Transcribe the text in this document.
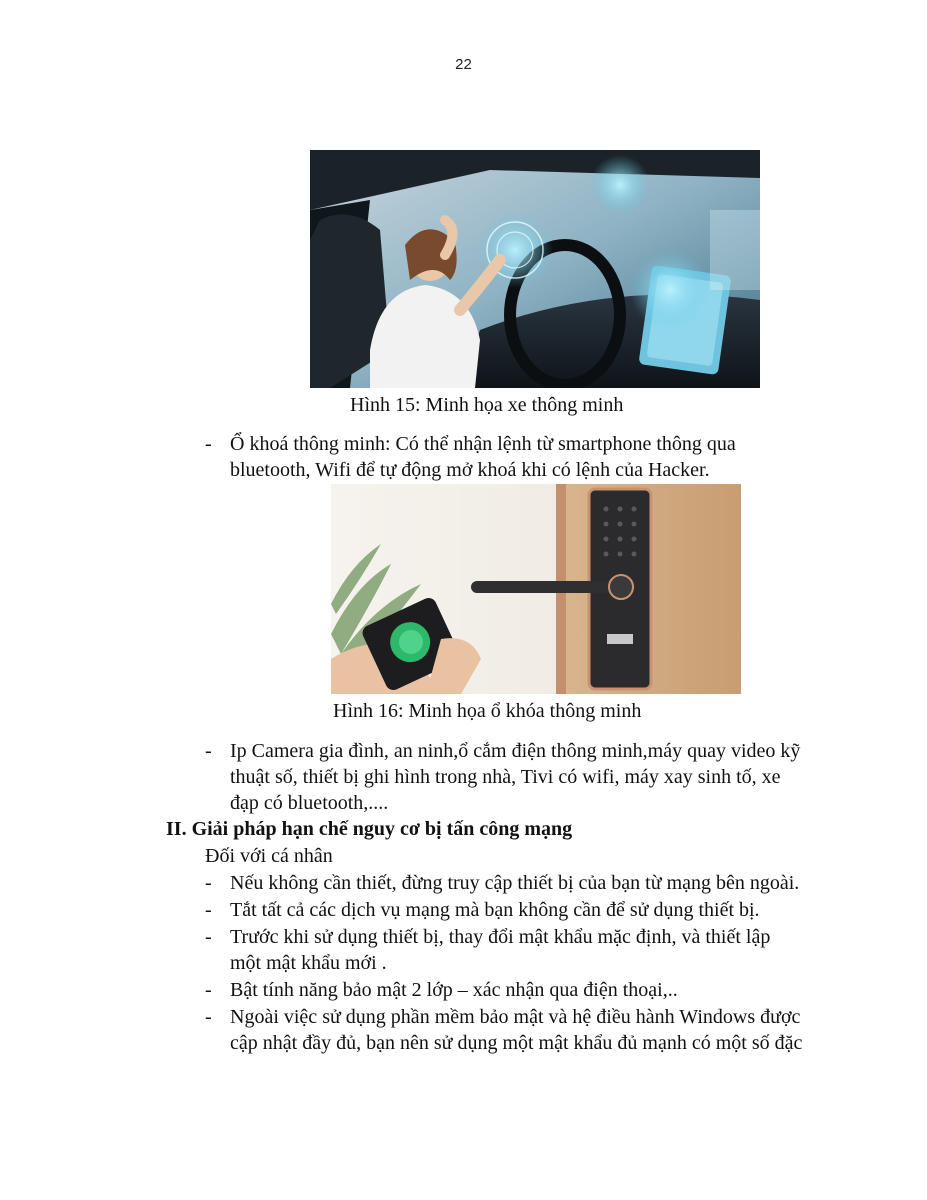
22
Hình 15: Minh họa xe thông minh
- Ổ khoá thông minh: Có thể nhận lệnh từ smartphone thông qua
bluetooth, Wifi để tự động mở khoá khi có lệnh của Hacker.
Hình 16: Minh họa ổ khóa thông minh
- Ip Camera gia đình, an ninh,ổ cắm điện thông minh,máy quay video kỹ
thuật số, thiết bị ghi hình trong nhà, Tivi có wifi, máy xay sinh tố, xe
đạp có bluetooth,....
II. Giải pháp hạn chế nguy cơ bị tấn công mạng
Đối với cá nhân
- Nếu không cần thiết, đừng truy cập thiết bị của bạn từ mạng bên ngoài.
- Tắt tất cả các dịch vụ mạng mà bạn không cần để sử dụng thiết bị.
- Trước khi sử dụng thiết bị, thay đổi mật khẩu mặc định, và thiết lập
một mật khẩu mới .
- Bật tính năng bảo mật 2 lớp – xác nhận qua điện thoại,..
- Ngoài việc sử dụng phần mềm bảo mật và hệ điều hành Windows được
cập nhật đầy đủ, bạn nên sử dụng một mật khẩu đủ mạnh có một số đặc
